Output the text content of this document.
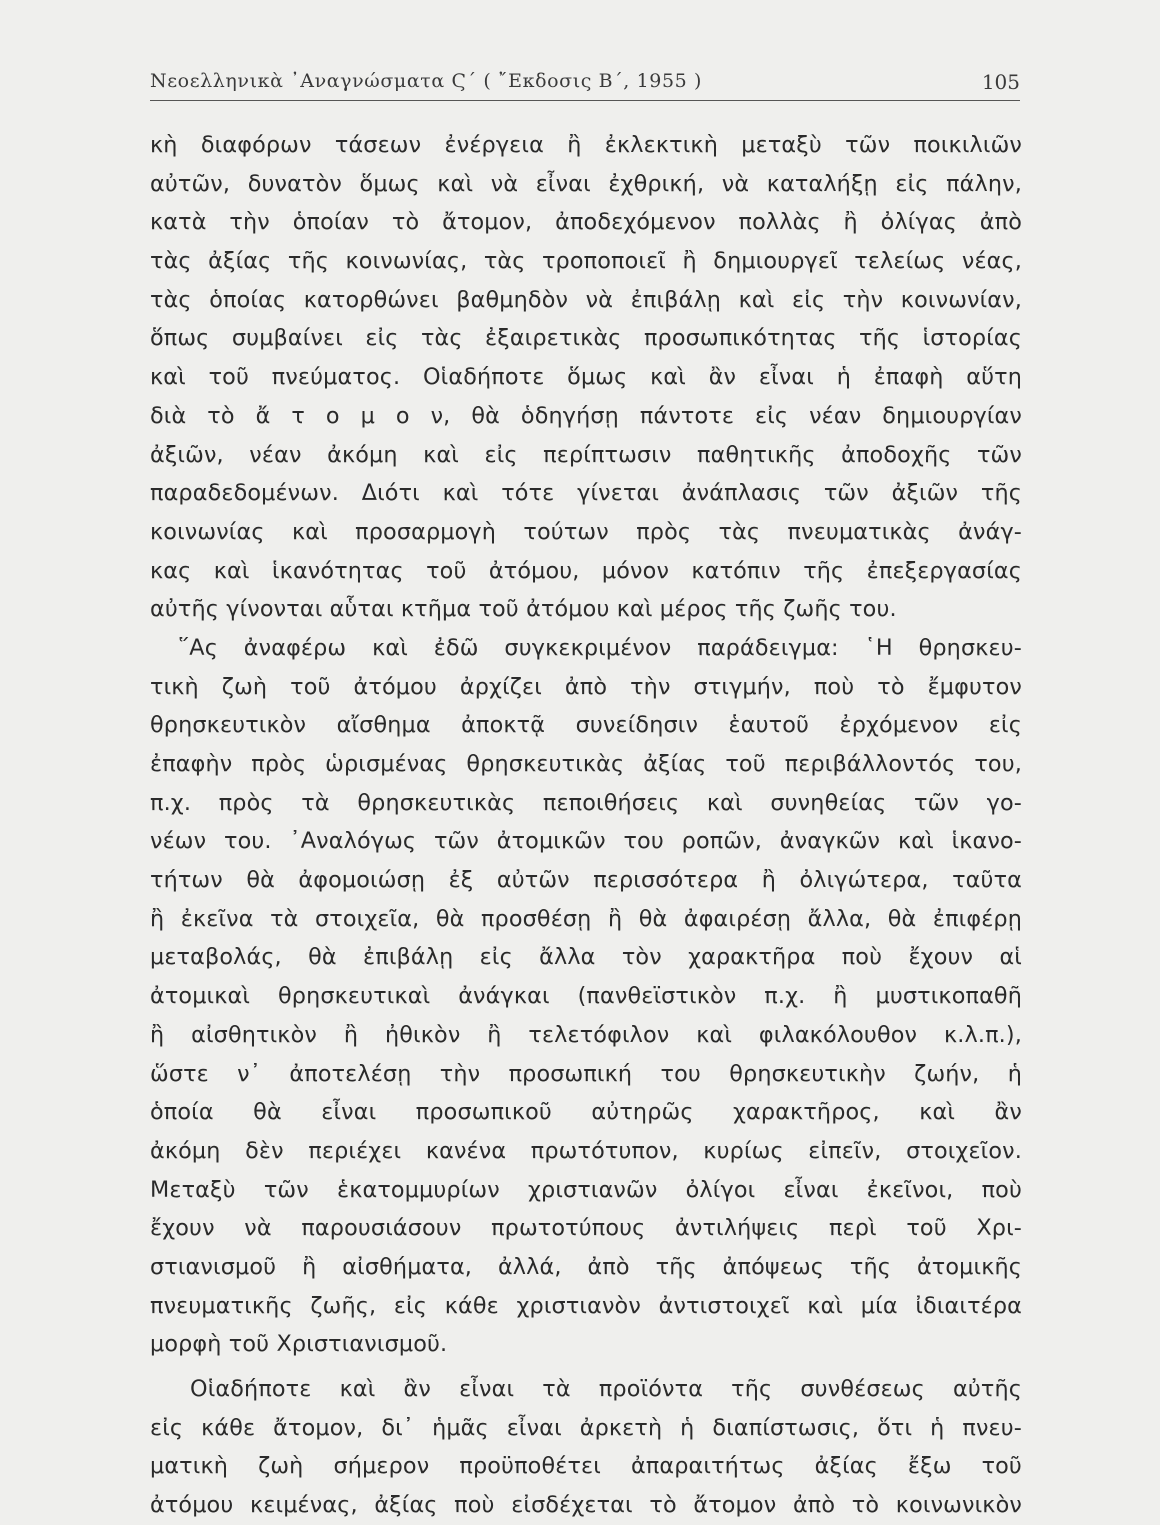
Νεοελληνικὰ ᾿Αναγνώσματα Ϛ΄ ( ῎Εκδοσις Β΄, 1955 )	105
κὴ διαφόρων τάσεων ἐνέργεια ἢ ἐκλεκτικὴ μεταξὺ τῶν ποικιλιῶν
αὐτῶν, δυνατὸν ὅμως καὶ νὰ εἶναι ἐχθρική, νὰ καταλήξῃ εἰς πάλην,
κατὰ τὴν ὁποίαν τὸ ἄτομον, ἀποδεχόμενον πολλὰς ἢ ὀλίγας ἀπὸ
τὰς ἀξίας τῆς κοινωνίας, τὰς τροποποιεῖ ἢ δημιουργεῖ τελείως νέας,
τὰς ὁποίας κατορθώνει βαθμηδὸν νὰ ἐπιβάλῃ καὶ εἰς τὴν κοινωνίαν,
ὅπως συμβαίνει εἰς τὰς ἐξαιρετικὰς προσωπικότητας τῆς ἱστορίας
καὶ τοῦ πνεύματος. Οἱαδήποτε ὅμως καὶ ἂν εἶναι ἡ ἐπαφὴ αὕτη
διὰ τὸ ἄ τ ο μ ο ν, θὰ ὁδηγήσῃ πάντοτε εἰς νέαν δημιουργίαν
ἀξιῶν, νέαν ἀκόμη καὶ εἰς περίπτωσιν παθητικῆς ἀποδοχῆς τῶν
παραδεδομένων. Διότι καὶ τότε γίνεται ἀνάπλασις τῶν ἀξιῶν τῆς
κοινωνίας καὶ προσαρμογὴ τούτων πρὸς τὰς πνευματικὰς ἀνάγ-
κας καὶ ἱκανότητας τοῦ ἀτόμου, μόνον κατόπιν τῆς ἐπεξεργασίας
αὐτῆς γίνονται αὗται κτῆμα τοῦ ἀτόμου καὶ μέρος τῆς ζωῆς του.
῞Ας ἀναφέρω καὶ ἐδῶ συγκεκριμένον παράδειγμα: ῾Η θρησκευ-
τικὴ ζωὴ τοῦ ἀτόμου ἀρχίζει ἀπὸ τὴν στιγμήν, ποὺ τὸ ἔμφυτον
θρησκευτικὸν αἴσθημα ἀποκτᾷ συνείδησιν ἑαυτοῦ ἐρχόμενον εἰς
ἐπαφὴν πρὸς ὡρισμένας θρησκευτικὰς ἀξίας τοῦ περιβάλλοντός του,
π.χ. πρὸς τὰ θρησκευτικὰς πεποιθήσεις καὶ συνηθείας τῶν γο-
νέων του. ᾿Αναλόγως τῶν ἀτομικῶν του ροπῶν, ἀναγκῶν καὶ ἱκανο-
τήτων θὰ ἀφομοιώσῃ ἐξ αὐτῶν περισσότερα ἢ ὀλιγώτερα, ταῦτα
ἢ ἐκεῖνα τὰ στοιχεῖα, θὰ προσθέσῃ ἢ θὰ ἀφαιρέσῃ ἄλλα, θὰ ἐπιφέρῃ
μεταβολάς, θὰ ἐπιβάλῃ εἰς ἄλλα τὸν χαρακτῆρα ποὺ ἔχουν αἱ
ἀτομικαὶ θρησκευτικαὶ ἀνάγκαι (πανθεϊστικὸν π.χ. ἢ μυστικοπαθῆ
ἢ αἰσθητικὸν ἢ ἠθικὸν ἢ τελετόφιλον καὶ φιλακόλουθον κ.λ.π.),
ὥστε ν᾿ ἀποτελέσῃ τὴν προσωπική του θρησκευτικὴν ζωήν, ἡ
ὁποία θὰ εἶναι προσωπικοῦ αὐτηρῶς χαρακτῆρος, καὶ ἂν
ἀκόμη δὲν περιέχει κανένα πρωτότυπον, κυρίως εἰπεῖν, στοιχεῖον.
Μεταξὺ τῶν ἑκατομμυρίων χριστιανῶν ὀλίγοι εἶναι ἐκεῖνοι, ποὺ
ἔχουν νὰ παρουσιάσουν πρωτοτύπους ἀντιλήψεις περὶ τοῦ Χρι-
στιανισμοῦ ἢ αἰσθήματα, ἀλλά, ἀπὸ τῆς ἀπόψεως τῆς ἀτομικῆς
πνευματικῆς ζωῆς, εἰς κάθε χριστιανὸν ἀντιστοιχεῖ καὶ μία ἰδιαιτέρα
μορφὴ τοῦ Χριστιανισμοῦ.
Οἱαδήποτε καὶ ἂν εἶναι τὰ προϊόντα τῆς συνθέσεως αὐτῆς
εἰς κάθε ἄτομον, δι᾿ ἡμᾶς εἶναι ἀρκετὴ ἡ διαπίστωσις, ὅτι ἡ πνευ-
ματικὴ ζωὴ σήμερον προϋποθέτει ἀπαραιτήτως ἀξίας ἔξω τοῦ
ἀτόμου κειμένας, ἀξίας ποὺ εἰσδέχεται τὸ ἄτομον ἀπὸ τὸ κοινωνικὸν
